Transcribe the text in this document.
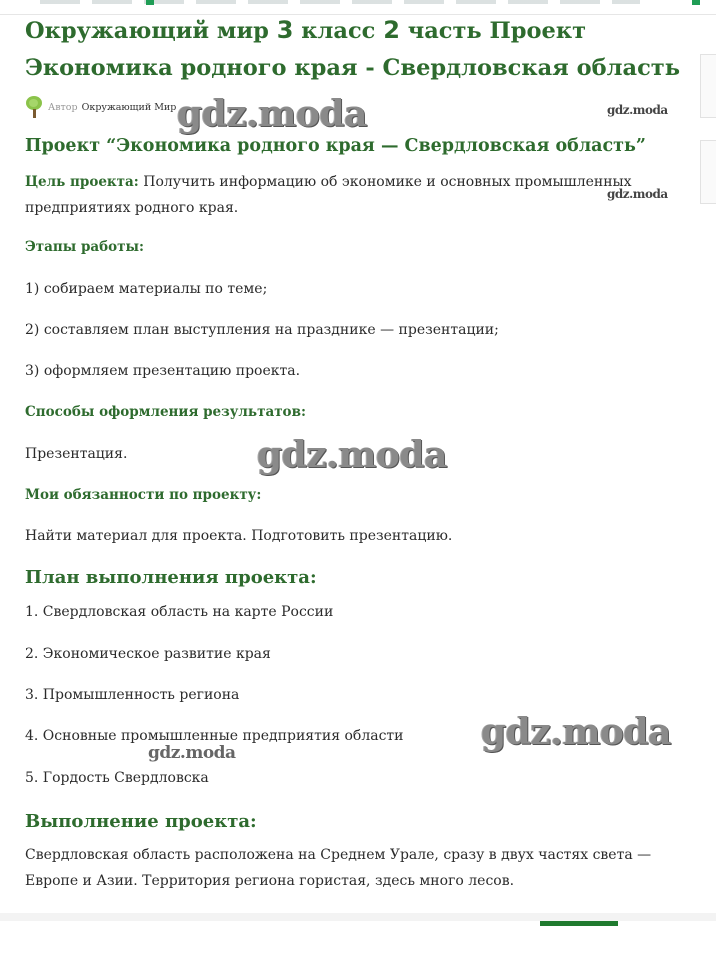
Окружающий мир 3 класс 2 часть Проект
Экономика родного края - Свердловская область
Автор Окружающий Мир gdz.moda	gdz.moda
gdz.moda
gdz.moda
gdz.moda
gdz.moda
Проект “Экономика родного края — Свердловская область”

Цель проекта: Получить информацию об экономике и основных промышленных предприятиях родного края.

Этапы работы:

1) собираем материалы по теме;

2) составляем план выступления на празднике — презентации;

3) оформляем презентацию проекта.

Способы оформления результатов:

Презентация.

Мои обязанности по проекту:

Найти материал для проекта. Подготовить презентацию.

План выполнения проекта:

1. Свердловская область на карте России

2. Экономическое развитие края

3. Промышленность региона

4. Основные промышленные предприятия области

5. Гордость Свердловска

Выполнение проекта:

Свердловская область расположена на Среднем Урале, сразу в двух частях света — Европе и Азии. Территория региона гористая, здесь много лесов.
